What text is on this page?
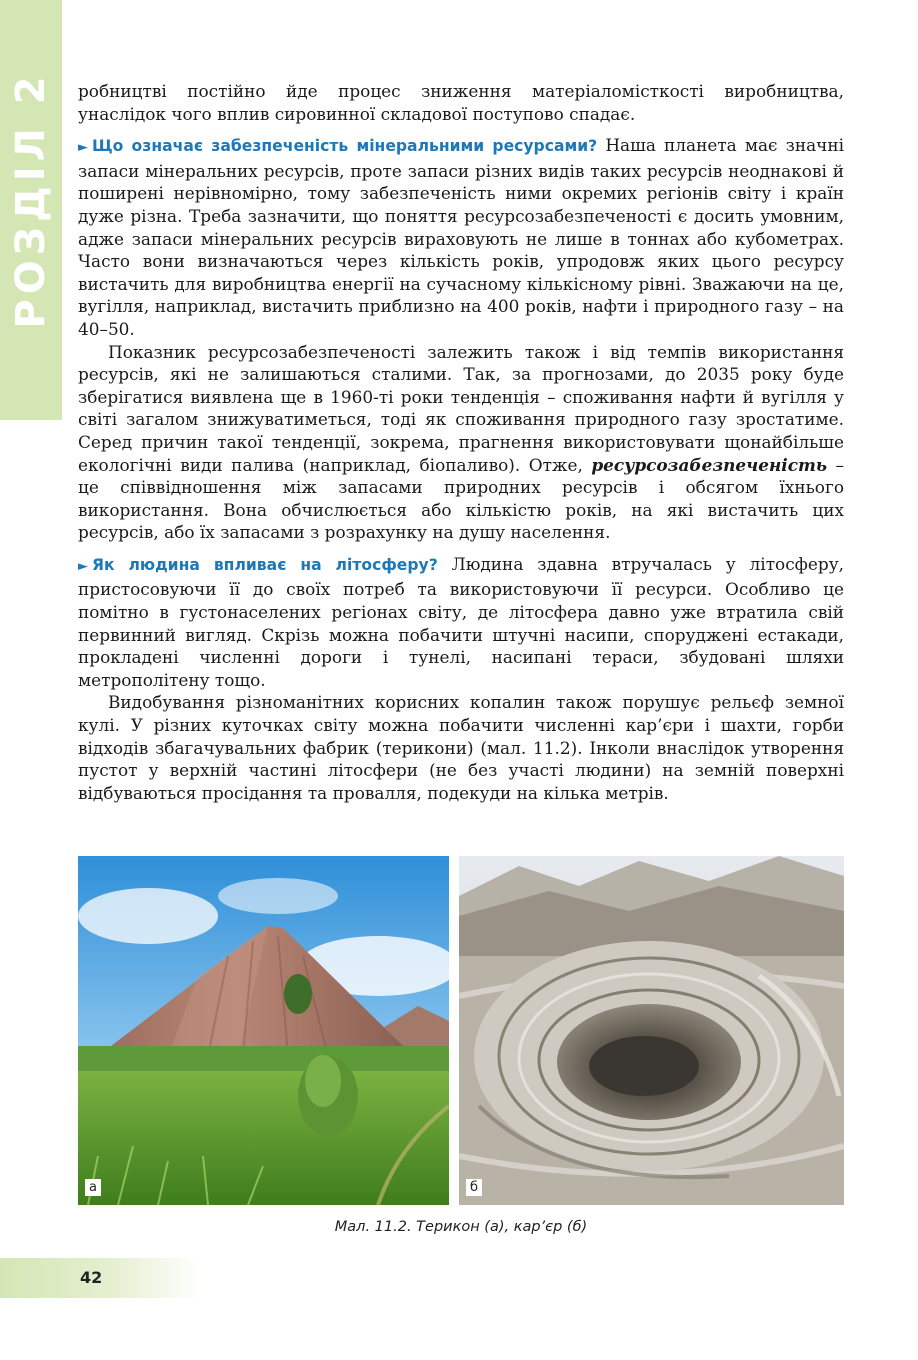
РОЗДІЛ 2 робництві постійно йде процес зниження матеріаломісткості виробництва, унаслідок чого вплив сировинної складової поступово спадає.

► Що означає забезпеченість мінеральними ресурсами? Наша планета має значні запаси мінеральних ресурсів, проте запаси різних видів таких ресурсів неоднакові й поширені нерівномірно, тому забезпеченість ними окремих регіонів світу і країн дуже різна. Треба зазначити, що поняття ресурсозабезпеченості є досить умовним, адже запаси мінеральних ресурсів вираховують не лише в тоннах або кубометрах. Часто вони визначаються через кількість років, упродовж яких цього ресурсу вистачить для виробництва енергії на сучасному кількісному рівні. Зважаючи на це, вугілля, наприклад, вистачить приблизно на 400 років, нафти і природного газу – на 40–50.

Показник ресурсозабезпеченості залежить також і від темпів використання ресурсів, які не залишаються сталими. Так, за прогнозами, до 2035 року буде зберігатися виявлена ще в 1960-ті роки тенденція – споживання нафти й вугілля у світі загалом знижуватиметься, тоді як споживання природного газу зростатиме. Серед причин такої тенденції, зокрема, прагнення використовувати щонайбільше екологічні види палива (наприклад, біопаливо). Отже, ресурсозабезпеченість – це співвідношення між запасами природних ресурсів і обсягом їхнього використання. Вона обчислюється або кількістю років, на які вистачить цих ресурсів, або їх запасами з розрахунку на душу населення.

► Як людина впливає на літосферу? Людина здавна втручалась у літосферу, пристосовуючи її до своїх потреб та використовуючи її ресурси. Особливо це помітно в густонаселених регіонах світу, де літосфера давно уже втратила свій первинний вигляд. Скрізь можна побачити штучні насипи, споруджені естакади, прокладені численні дороги і тунелі, насипані тераси, збудовані шляхи метрополітену тощо.

Видобування різноманітних корисних копалин також порушує рельєф земної кулі. У різних куточках світу можна побачити численні кар’єри і шахти, горби відходів збагачувальних фабрик (терикони) (мал. 11.2). Інколи внаслідок утворення пустот у верхній частині літосфери (не без участі людини) на земній поверхні відбуваються просідання та провалля, подекуди на кілька метрів.

а	б
Мал. 11.2. Терикон (а), кар’єр (б)
42
